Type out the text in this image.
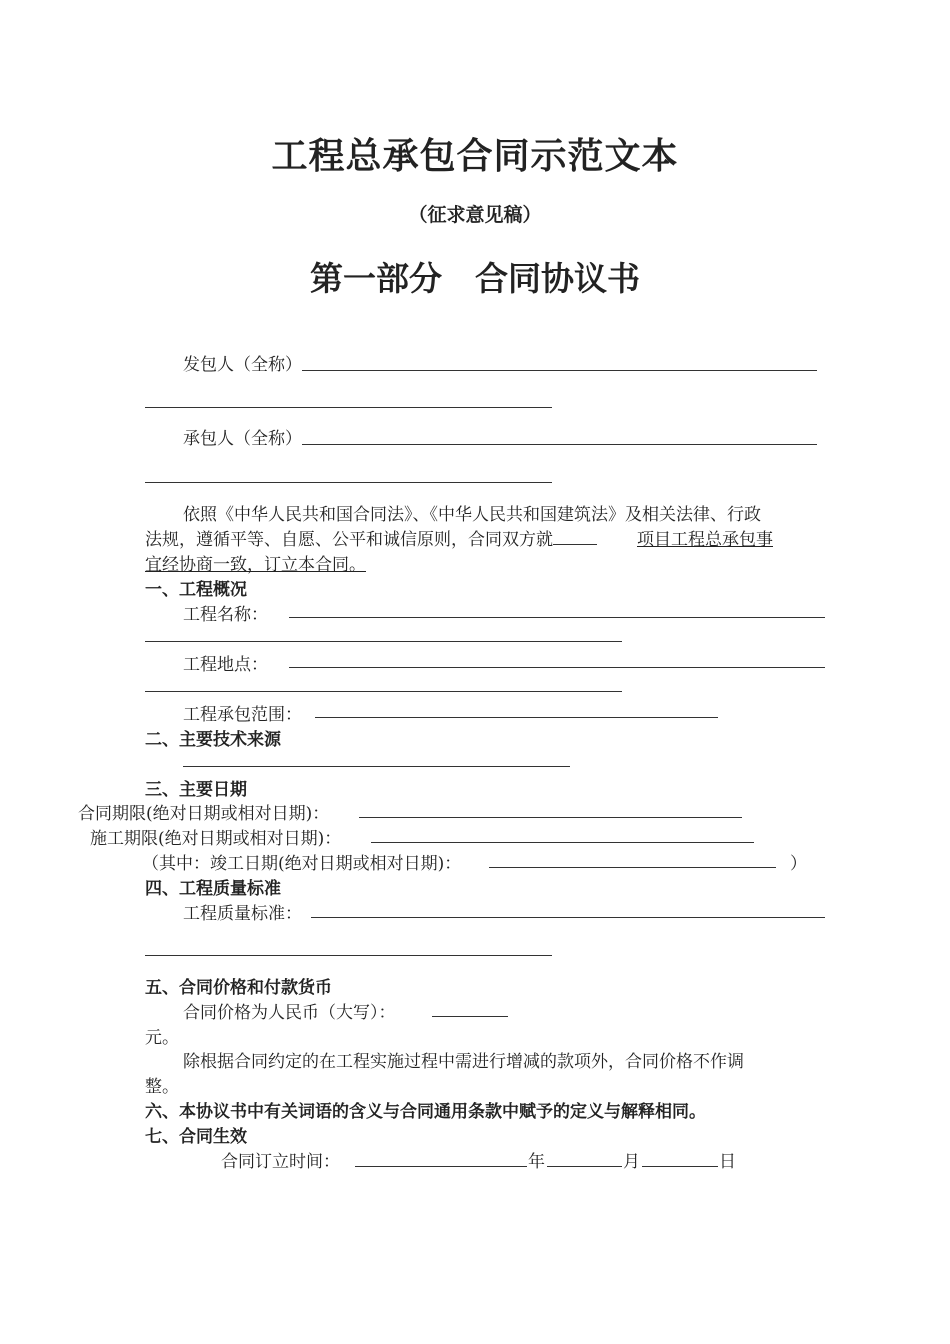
工程总承包合同示范文本
（征求意见稿）
第一部分　合同协议书
发包人（全称）
承包人（全称）
依照《中华人民共和国合同法》、《中华人民共和国建筑法》及相关法律、行政
法规，遵循平等、自愿、公平和诚信原则，合同双方就	项目工程总承包事
宜经协商一致，订立本合同。
一、工程概况
工程名称：
工程地点：
工程承包范围：
二、主要技术来源
三、主要日期
合同期限(绝对日期或相对日期)：
施工期限(绝对日期或相对日期)：
（其中：竣工日期(绝对日期或相对日期)：	）
四、工程质量标准
工程质量标准：
五、合同价格和付款货币
合同价格为人民币（大写）：
元。
除根据合同约定的在工程实施过程中需进行增减的款项外，合同价格不作调
整。
六、本协议书中有关词语的含义与合同通用条款中赋予的定义与解释相同。
七、合同生效
合同订立时间：	年	月	日
